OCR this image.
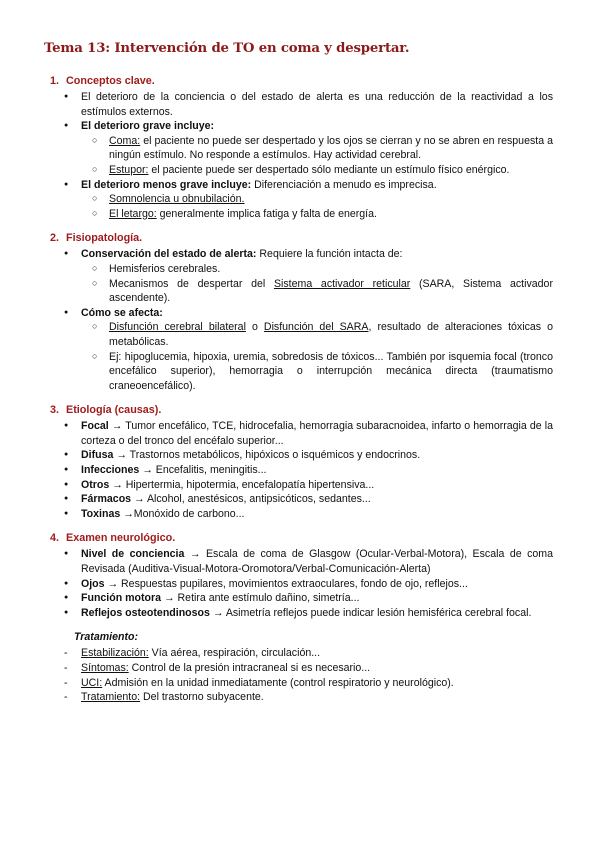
Tema 13: Intervención de TO en coma y despertar.
1. Conceptos clave.
● El deterioro de la conciencia o del estado de alerta es una reducción de la reactividad a los estímulos externos.
● El deterioro grave incluye:
○ Coma: el paciente no puede ser despertado y los ojos se cierran y no se abren en respuesta a ningún estímulo. No responde a estímulos. Hay actividad cerebral.
○ Estupor: el paciente puede ser despertado sólo mediante un estímulo físico enérgico.
● El deterioro menos grave incluye: Diferenciación a menudo es imprecisa.
○ Somnolencia u obnubilación.
○ El letargo: generalmente implica fatiga y falta de energía.
2. Fisiopatología.
● Conservación del estado de alerta: Requiere la función intacta de:
○ Hemisferios cerebrales.
○ Mecanismos de despertar del Sistema activador reticular (SARA, Sistema activador ascendente).
● Cómo se afecta:
○ Disfunción cerebral bilateral o Disfunción del SARA, resultado de alteraciones tóxicas o metabólicas.
○ Ej: hipoglucemia, hipoxia, uremia, sobredosis de tóxicos... También por isquemia focal (tronco encefálico superior), hemorragia o interrupción mecánica directa (traumatismo craneoencefálico).
3. Etiología (causas).
● Focal → Tumor encefálico, TCE, hidrocefalia, hemorragia subaracnoidea, infarto o hemorragia de la corteza o del tronco del encéfalo superior...
● Difusa → Trastornos metabólicos, hipóxicos o isquémicos y endocrinos.
● Infecciones → Encefalitis, meningitis...
● Otros → Hipertermia, hipotermia, encefalopatía hipertensiva...
● Fármacos → Alcohol, anestésicos, antipsicóticos, sedantes...
● Toxinas →Monóxido de carbono...
4. Examen neurológico.
● Nivel de conciencia → Escala de coma de Glasgow (Ocular-Verbal-Motora), Escala de coma Revisada (Auditiva-Visual-Motora-Oromotora/Verbal-Comunicación-Alerta)
● Ojos → Respuestas pupilares, movimientos extraoculares, fondo de ojo, reflejos...
● Función motora → Retira ante estímulo dañino, simetría...
● Reflejos osteotendinosos → Asimetría reflejos puede indicar lesión hemisférica cerebral focal.
Tratamiento:
- Estabilización: Vía aérea, respiración, circulación...
- Síntomas: Control de la presión intracraneal si es necesario...
- UCI: Admisión en la unidad inmediatamente (control respiratorio y neurológico).
- Tratamiento: Del trastorno subyacente.
